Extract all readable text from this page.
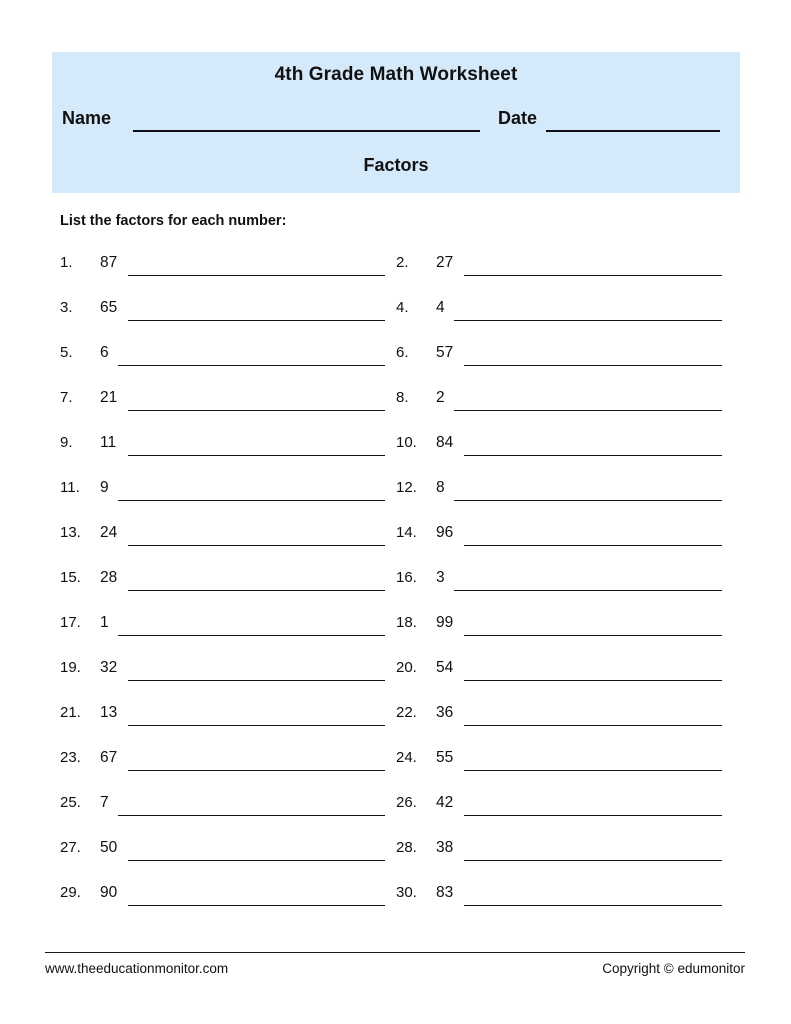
4th Grade Math Worksheet
Name	Date
Factors
List the factors for each number:
1.	87	2.	27
3.	65	4.	4
5.	6	6.	57
7.	21	8.	2
9.	11	10.	84
11.	9	12.	8
13.	24	14.	96
15.	28	16.	3
17.	1	18.	99
19.	32	20.	54
21.	13	22.	36
23.	67	24.	55
25.	7	26.	42
27.	50	28.	38
29.	90	30.	83
www.theeducationmonitor.com	Copyright © edumonitor
